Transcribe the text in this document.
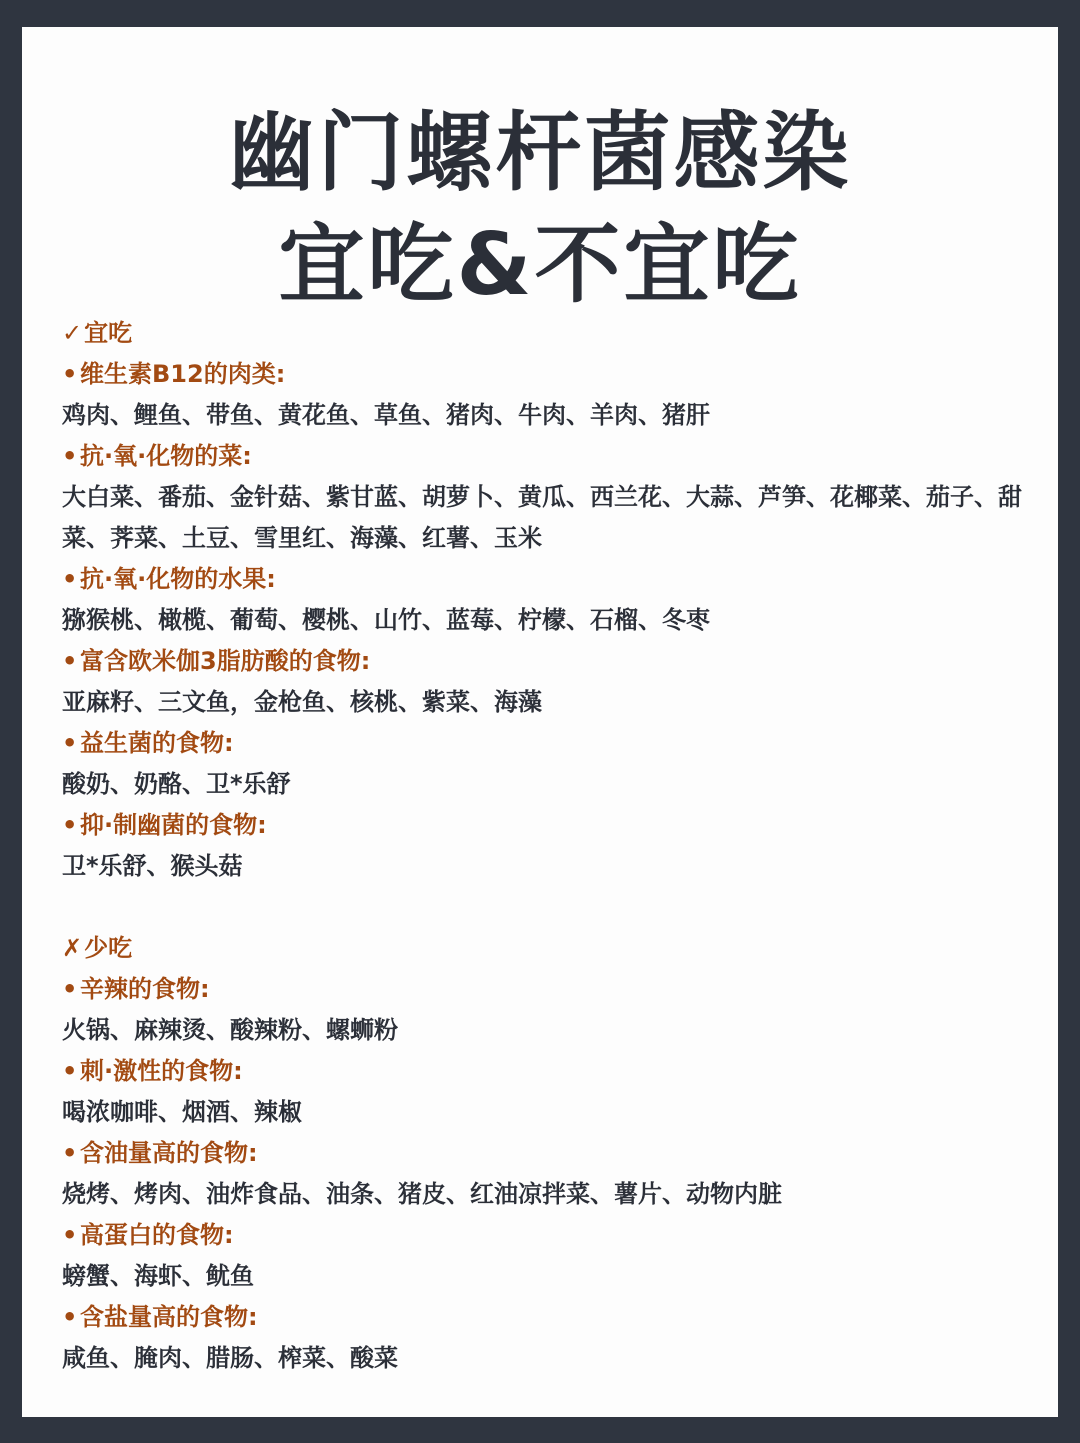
幽门螺杆菌感染
宜吃&不宜吃
✓宜吃
• 维生素B12的肉类:
鸡肉、鲤鱼、带鱼、黄花鱼、草鱼、猪肉、牛肉、羊肉、猪肝
• 抗·氧·化物的菜:
大白菜、番茄、金针菇、紫甘蓝、胡萝卜、黄瓜、西兰花、大蒜、芦笋、花椰菜、茄子、甜菜、荠菜、土豆、雪里红、海藻、红薯、玉米
• 抗·氧·化物的水果:
猕猴桃、橄榄、葡萄、樱桃、山竹、蓝莓、柠檬、石榴、冬枣
• 富含欧米伽3脂肪酸的食物:
亚麻籽、三文鱼，金枪鱼、核桃、紫菜、海藻
• 益生菌的食物:
酸奶、奶酪、卫*乐舒
• 抑·制幽菌的食物:
卫*乐舒、猴头菇
✗少吃
• 辛辣的食物:
火锅、麻辣烫、酸辣粉、螺蛳粉
• 刺·激性的食物:
喝浓咖啡、烟酒、辣椒
• 含油量高的食物:
烧烤、烤肉、油炸食品、油条、猪皮、红油凉拌菜、薯片、动物内脏
• 高蛋白的食物:
螃蟹、海虾、鱿鱼
• 含盐量高的食物:
咸鱼、腌肉、腊肠、榨菜、酸菜
